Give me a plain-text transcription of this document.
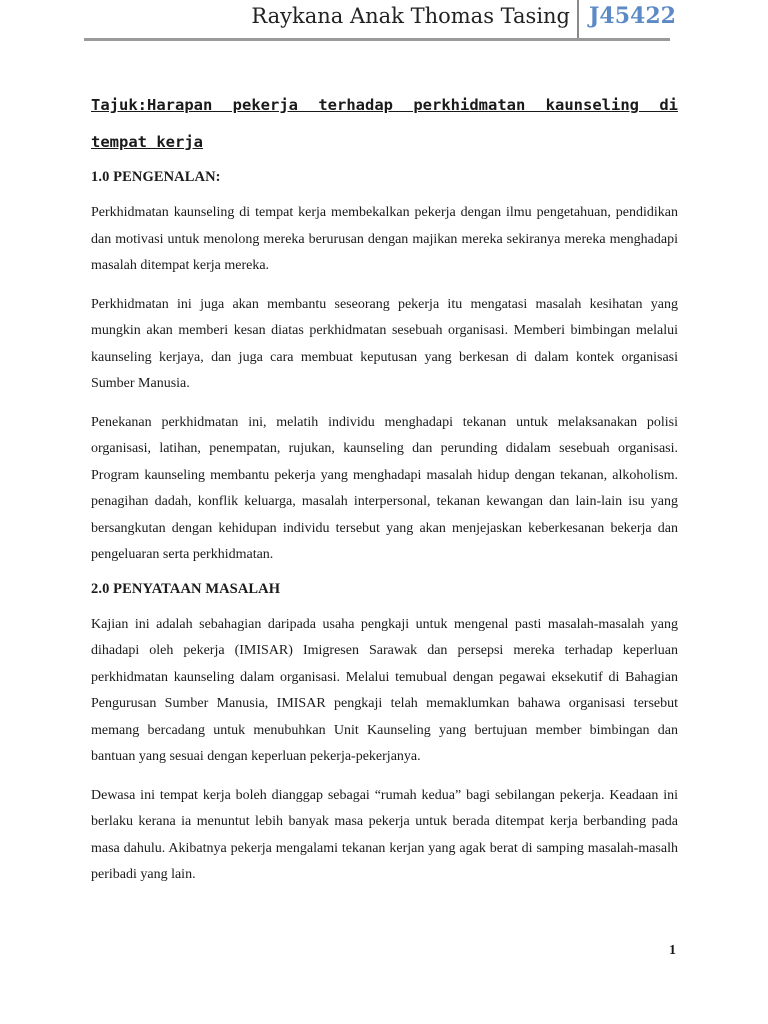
Raykana Anak Thomas Tasing J45422
Tajuk:Harapan pekerja terhadap perkhidmatan kaunseling di tempat kerja
1.0 PENGENALAN:

Perkhidmatan kaunseling di tempat kerja membekalkan pekerja dengan ilmu pengetahuan, pendidikan dan motivasi untuk menolong mereka berurusan dengan majikan mereka sekiranya mereka menghadapi masalah ditempat kerja mereka.

Perkhidmatan ini juga akan membantu seseorang pekerja itu mengatasi masalah kesihatan yang mungkin akan memberi kesan diatas perkhidmatan sesebuah organisasi. Memberi bimbingan melalui kaunseling kerjaya, dan juga cara membuat keputusan yang berkesan di dalam kontek organisasi Sumber Manusia.

Penekanan perkhidmatan ini, melatih individu menghadapi tekanan untuk melaksanakan polisi organisasi, latihan, penempatan, rujukan, kaunseling dan perunding didalam sesebuah organisasi. Program kaunseling membantu pekerja yang menghadapi masalah hidup dengan tekanan, alkoholism. penagihan dadah, konflik keluarga, masalah interpersonal, tekanan kewangan dan lain-lain isu yang bersangkutan dengan kehidupan individu tersebut yang akan menjejaskan keberkesanan bekerja dan pengeluaran serta perkhidmatan.

2.0 PENYATAAN MASALAH

Kajian ini adalah sebahagian daripada usaha pengkaji untuk mengenal pasti masalah-masalah yang dihadapi oleh pekerja (IMISAR) Imigresen Sarawak dan persepsi mereka terhadap keperluan perkhidmatan kaunseling dalam organisasi. Melalui temubual dengan pegawai eksekutif di Bahagian Pengurusan Sumber Manusia, IMISAR pengkaji telah memaklumkan bahawa organisasi tersebut memang bercadang untuk menubuhkan Unit Kaunseling yang bertujuan member bimbingan dan bantuan yang sesuai dengan keperluan pekerja-pekerjanya.

Dewasa ini tempat kerja boleh dianggap sebagai “rumah kedua” bagi sebilangan pekerja. Keadaan ini berlaku kerana ia menuntut lebih banyak masa pekerja untuk berada ditempat kerja berbanding pada masa dahulu. Akibatnya pekerja mengalami tekanan kerjan yang agak berat di samping masalah-masalh peribadi yang lain.

1
